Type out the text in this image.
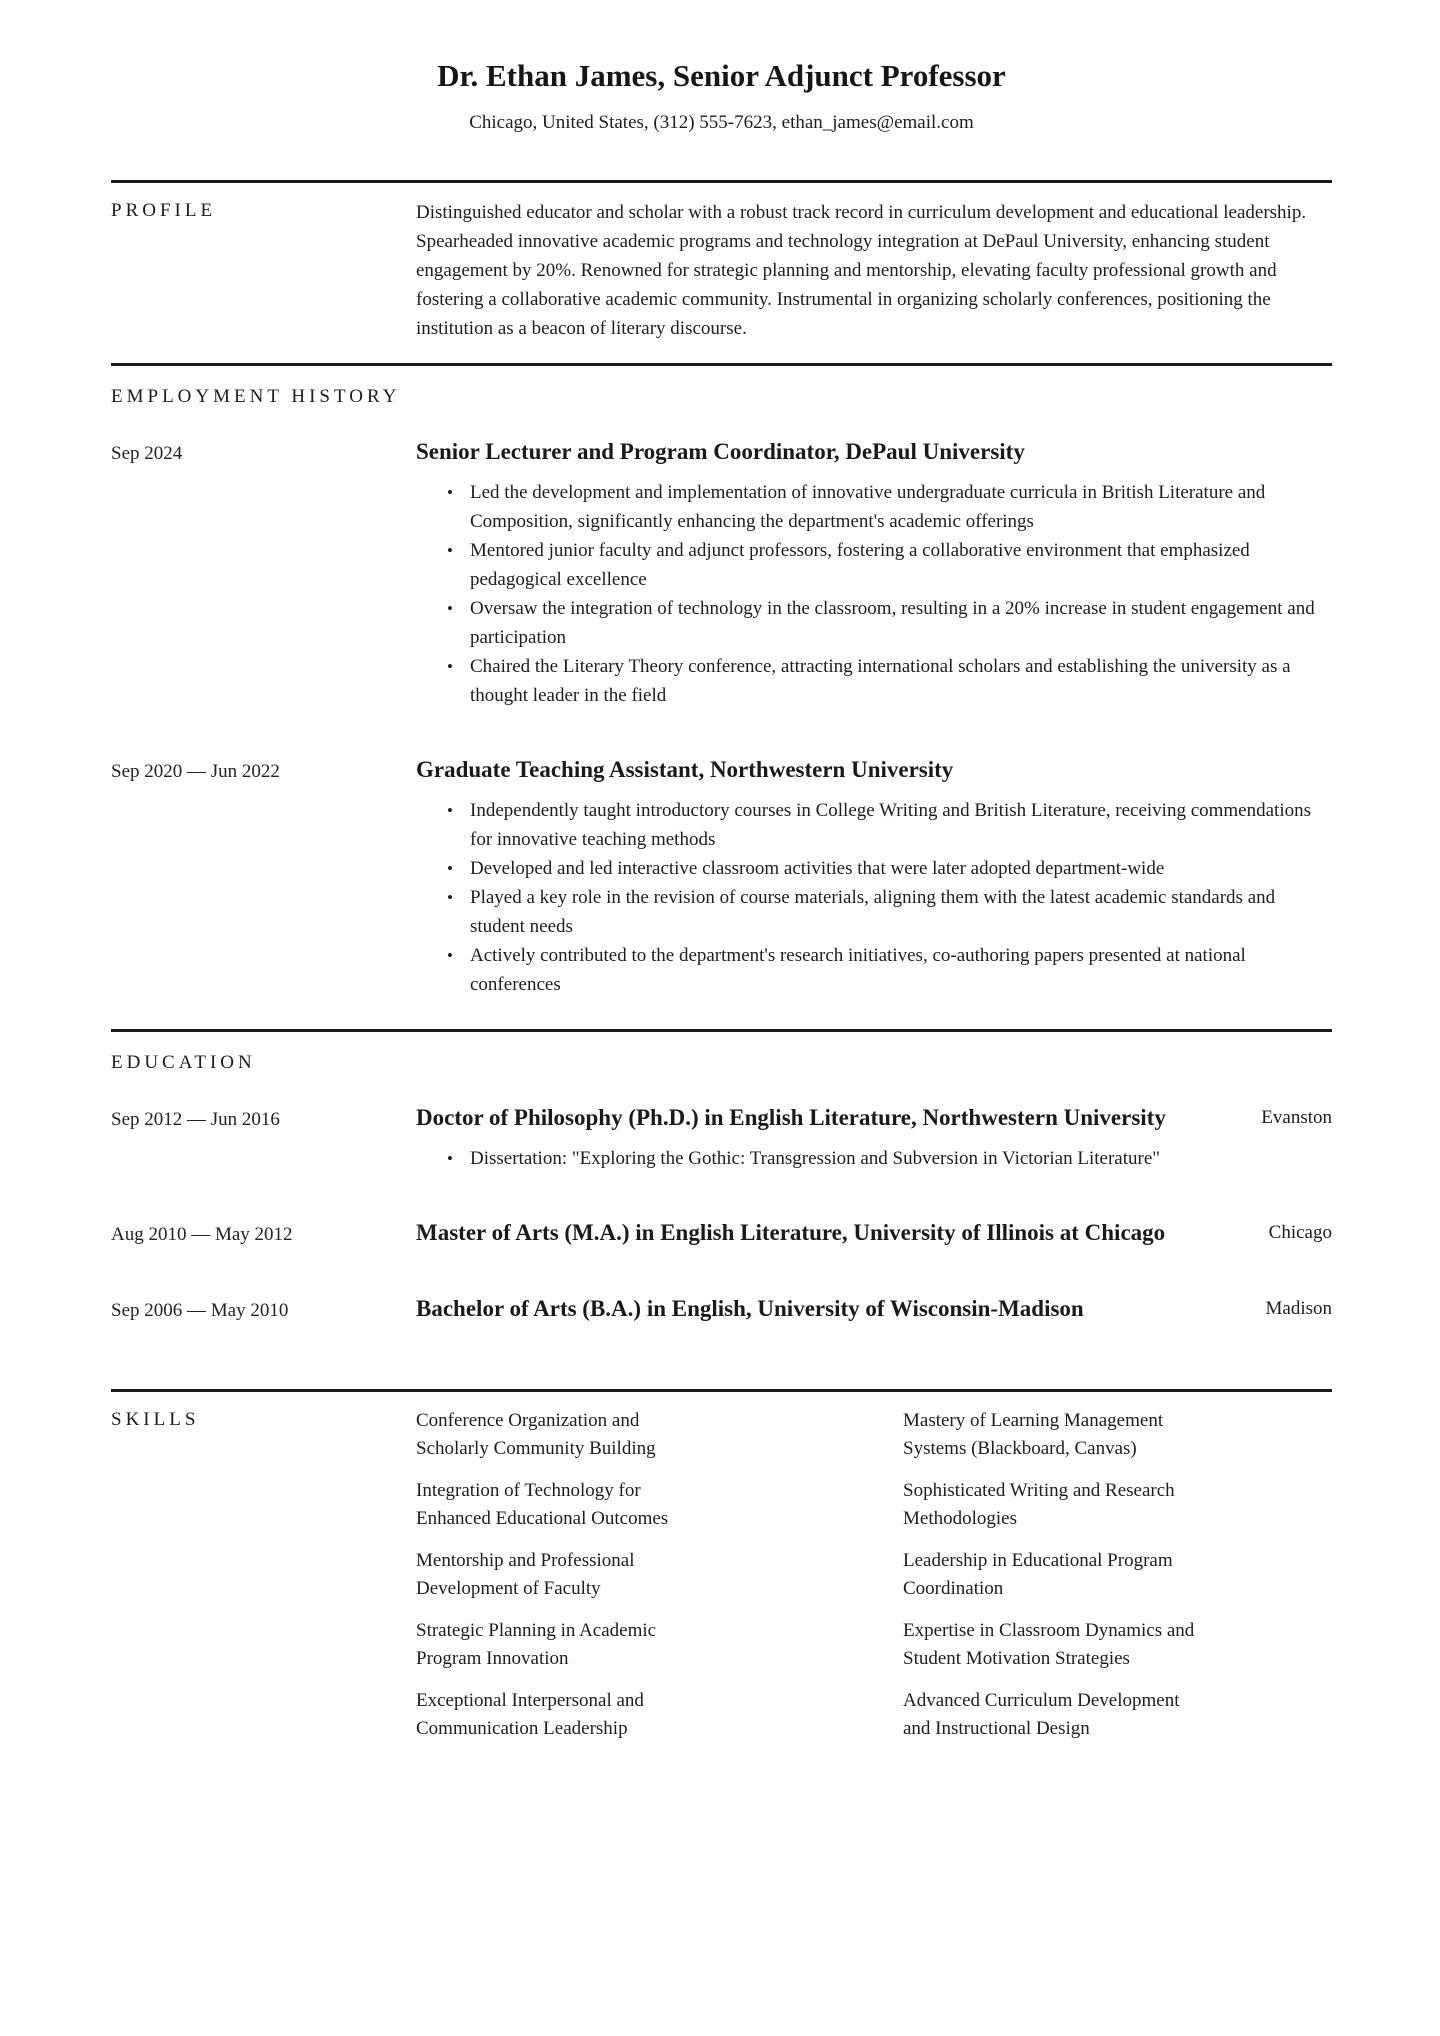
Dr. Ethan James, Senior Adjunct Professor

Chicago, United States, (312) 555-7623, ethan_james@email.com

PROFILE	Distinguished educator and scholar with a robust track record in curriculum development and educational leadership. Spearheaded innovative academic programs and technology integration at DePaul University, enhancing student engagement by 20%. Renowned for strategic planning and mentorship, elevating faculty professional growth and fostering a collaborative academic community. Instrumental in organizing scholarly conferences, positioning the institution as a beacon of literary discourse.

EMPLOYMENT HISTORY
Sep 2024	Senior Lecturer and Program Coordinator, DePaul University
• Led the development and implementation of innovative undergraduate curricula in British Literature and Composition, significantly enhancing the department's academic offerings
• Mentored junior faculty and adjunct professors, fostering a collaborative environment that emphasized pedagogical excellence
• Oversaw the integration of technology in the classroom, resulting in a 20% increase in student engagement and participation
• Chaired the Literary Theory conference, attracting international scholars and establishing the university as a thought leader in the field
Sep 2020 — Jun 2022	Graduate Teaching Assistant, Northwestern University
• Independently taught introductory courses in College Writing and British Literature, receiving commendations for innovative teaching methods
• Developed and led interactive classroom activities that were later adopted department-wide
• Played a key role in the revision of course materials, aligning them with the latest academic standards and student needs
• Actively contributed to the department's research initiatives, co-authoring papers presented at national conferences
EDUCATION
Sep 2012 — Jun 2016	Doctor of Philosophy (Ph.D.) in English Literature, Northwestern University	Evanston
• Dissertation: "Exploring the Gothic: Transgression and Subversion in Victorian Literature"
Aug 2010 — May 2012	Master of Arts (M.A.) in English Literature, University of Illinois at Chicago	Chicago
Sep 2006 — May 2010	Bachelor of Arts (B.A.) in English, University of Wisconsin-Madison	Madison
SKILLS	Conference Organization and Scholarly Community Building

Integration of Technology for Enhanced Educational Outcomes

Mentorship and Professional Development of Faculty

Strategic Planning in Academic Program Innovation

Exceptional Interpersonal and Communication Leadership

Mastery of Learning Management Systems (Blackboard, Canvas)

Sophisticated Writing and Research Methodologies

Leadership in Educational Program Coordination

Expertise in Classroom Dynamics and Student Motivation Strategies

Advanced Curriculum Development and Instructional Design
